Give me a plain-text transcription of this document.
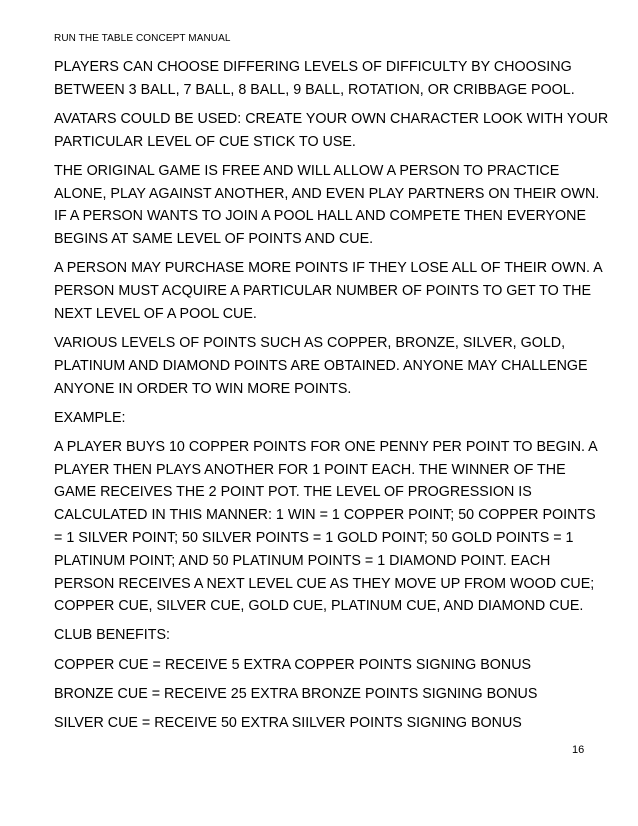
RUN THE TABLE CONCEPT MANUAL

PLAYERS CAN CHOOSE DIFFERING LEVELS OF DIFFICULTY BY CHOOSING
BETWEEN 3 BALL, 7 BALL, 8 BALL, 9 BALL, ROTATION, OR CRIBBAGE POOL.

AVATARS COULD BE USED: CREATE YOUR OWN CHARACTER LOOK WITH YOUR
PARTICULAR LEVEL OF CUE STICK TO USE.

THE ORIGINAL GAME IS FREE AND WILL ALLOW A PERSON TO PRACTICE
ALONE, PLAY AGAINST ANOTHER, AND EVEN PLAY PARTNERS ON THEIR OWN.
IF A PERSON WANTS TO JOIN A POOL HALL AND COMPETE THEN EVERYONE
BEGINS AT SAME LEVEL OF POINTS AND CUE.

A PERSON MAY PURCHASE MORE POINTS IF THEY LOSE ALL OF THEIR OWN. A
PERSON MUST ACQUIRE A PARTICULAR NUMBER OF POINTS TO GET TO THE
NEXT LEVEL OF A POOL CUE.

VARIOUS LEVELS OF POINTS SUCH AS COPPER, BRONZE, SILVER, GOLD,
PLATINUM AND DIAMOND POINTS ARE OBTAINED. ANYONE MAY CHALLENGE
ANYONE IN ORDER TO WIN MORE POINTS.

EXAMPLE:

A PLAYER BUYS 10 COPPER POINTS FOR ONE PENNY PER POINT TO BEGIN. A
PLAYER THEN PLAYS ANOTHER FOR 1 POINT EACH. THE WINNER OF THE
GAME RECEIVES THE 2 POINT POT. THE LEVEL OF PROGRESSION IS
CALCULATED IN THIS MANNER: 1 WIN = 1 COPPER POINT; 50 COPPER POINTS
= 1 SILVER POINT; 50 SILVER POINTS = 1 GOLD POINT; 50 GOLD POINTS = 1
PLATINUM POINT; AND 50 PLATINUM POINTS = 1 DIAMOND POINT. EACH
PERSON RECEIVES A NEXT LEVEL CUE AS THEY MOVE UP FROM WOOD CUE;
COPPER CUE, SILVER CUE, GOLD CUE, PLATINUM CUE, AND DIAMOND CUE.

CLUB BENEFITS:

COPPER CUE = RECEIVE 5 EXTRA COPPER POINTS SIGNING BONUS

BRONZE CUE = RECEIVE 25 EXTRA BRONZE POINTS SIGNING BONUS

SILVER CUE = RECEIVE 50 EXTRA SIILVER POINTS SIGNING BONUS

16
